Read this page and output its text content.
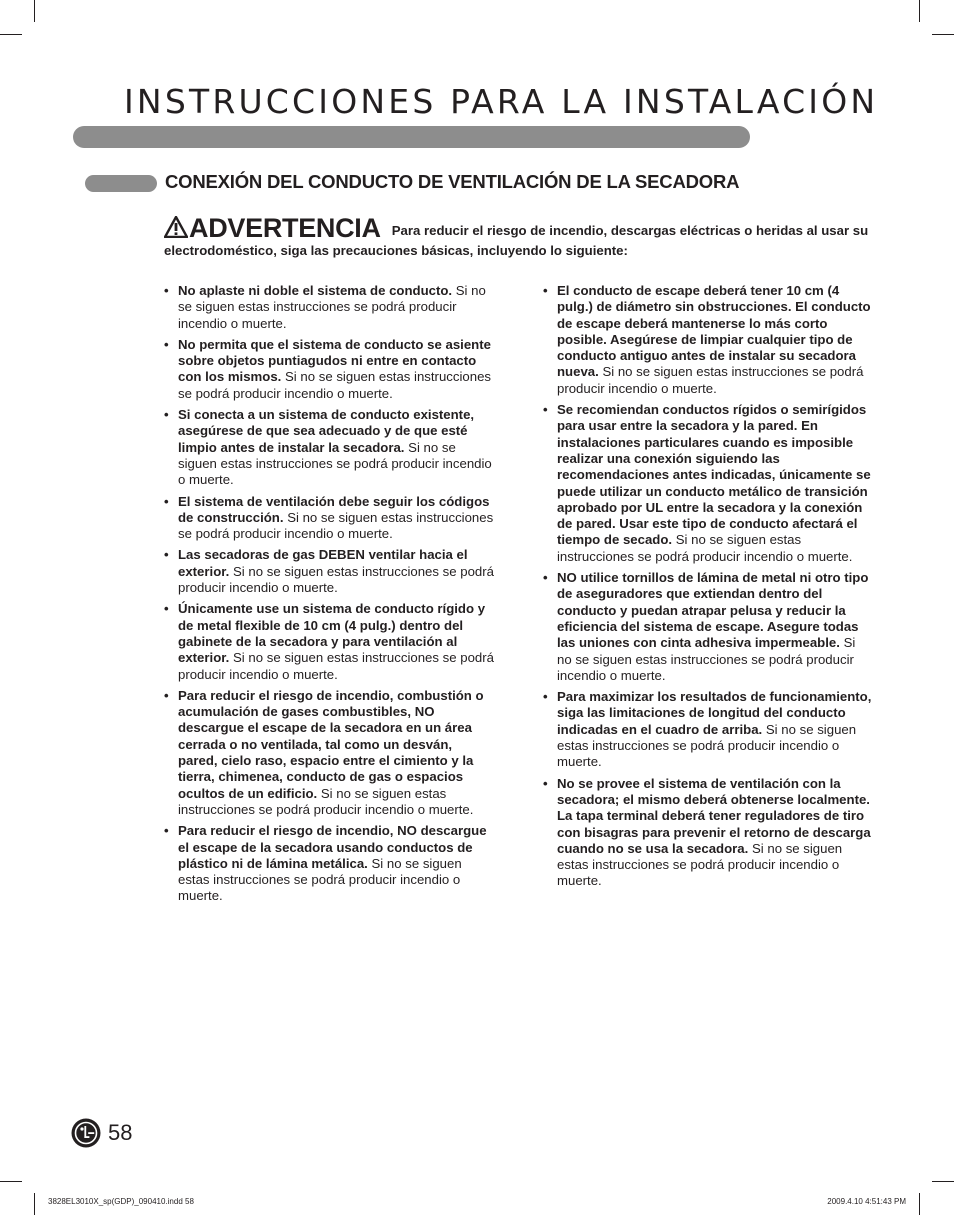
INSTRUCCIONES PARA LA INSTALACIÓN
CONEXIÓN DEL CONDUCTO DE VENTILACIÓN DE LA SECADORA
ADVERTENCIA Para reducir el riesgo de incendio, descargas eléctricas o heridas al usar su electrodoméstico, siga las precauciones básicas, incluyendo lo siguiente:
• No aplaste ni doble el sistema de conducto. Si no se siguen estas instrucciones se podrá producir incendio o muerte.
• No permita que el sistema de conducto se asiente sobre objetos puntiagudos ni entre en contacto con los mismos. Si no se siguen estas instrucciones se podrá producir incendio o muerte.
• Si conecta a un sistema de conducto existente, asegúrese de que sea adecuado y de que esté limpio antes de instalar la secadora. Si no se siguen estas instrucciones se podrá producir incendio o muerte.
• El sistema de ventilación debe seguir los códigos de construcción. Si no se siguen estas instrucciones se podrá producir incendio o muerte.
• Las secadoras de gas DEBEN ventilar hacia el exterior. Si no se siguen estas instrucciones se podrá producir incendio o muerte.
• Únicamente use un sistema de conducto rígido y de metal flexible de 10 cm (4 pulg.) dentro del gabinete de la secadora y para ventilación al exterior. Si no se siguen estas instrucciones se podrá producir incendio o muerte.
• Para reducir el riesgo de incendio, combustión o acumulación de gases combustibles, NO descargue el escape de la secadora en un área cerrada o no ventilada, tal como un desván, pared, cielo raso, espacio entre el cimiento y la tierra, chimenea, conducto de gas o espacios ocultos de un edificio. Si no se siguen estas instrucciones se podrá producir incendio o muerte.
• Para reducir el riesgo de incendio, NO descargue el escape de la secadora usando conductos de plástico ni de lámina metálica. Si no se siguen estas instrucciones se podrá producir incendio o muerte.
• El conducto de escape deberá tener 10 cm (4 pulg.) de diámetro sin obstrucciones. El conducto de escape deberá mantenerse lo más corto posible. Asegúrese de limpiar cualquier tipo de conducto antiguo antes de instalar su secadora nueva. Si no se siguen estas instrucciones se podrá producir incendio o muerte.
• Se recomiendan conductos rígidos o semirígidos para usar entre la secadora y la pared. En instalaciones particulares cuando es imposible realizar una conexión siguiendo las recomendaciones antes indicadas, únicamente se puede utilizar un conducto metálico de transición aprobado por UL entre la secadora y la conexión de pared. Usar este tipo de conducto afectará el tiempo de secado. Si no se siguen estas instrucciones se podrá producir incendio o muerte.
• NO utilice tornillos de lámina de metal ni otro tipo de aseguradores que extiendan dentro del conducto y puedan atrapar pelusa y reducir la eficiencia del sistema de escape. Asegure todas las uniones con cinta adhesiva impermeable. Si no se siguen estas instrucciones se podrá producir incendio o muerte.
• Para maximizar los resultados de funcionamiento, siga las limitaciones de longitud del conducto indicadas en el cuadro de arriba. Si no se siguen estas instrucciones se podrá producir incendio o muerte.
• No se provee el sistema de ventilación con la secadora; el mismo deberá obtenerse localmente. La tapa terminal deberá tener reguladores de tiro con bisagras para prevenir el retorno de descarga cuando no se usa la secadora. Si no se siguen estas instrucciones se podrá producir incendio o muerte.
58
3828EL3010X_sp(GDP)_090410.indd 58	2009.4.10 4:51:43 PM
